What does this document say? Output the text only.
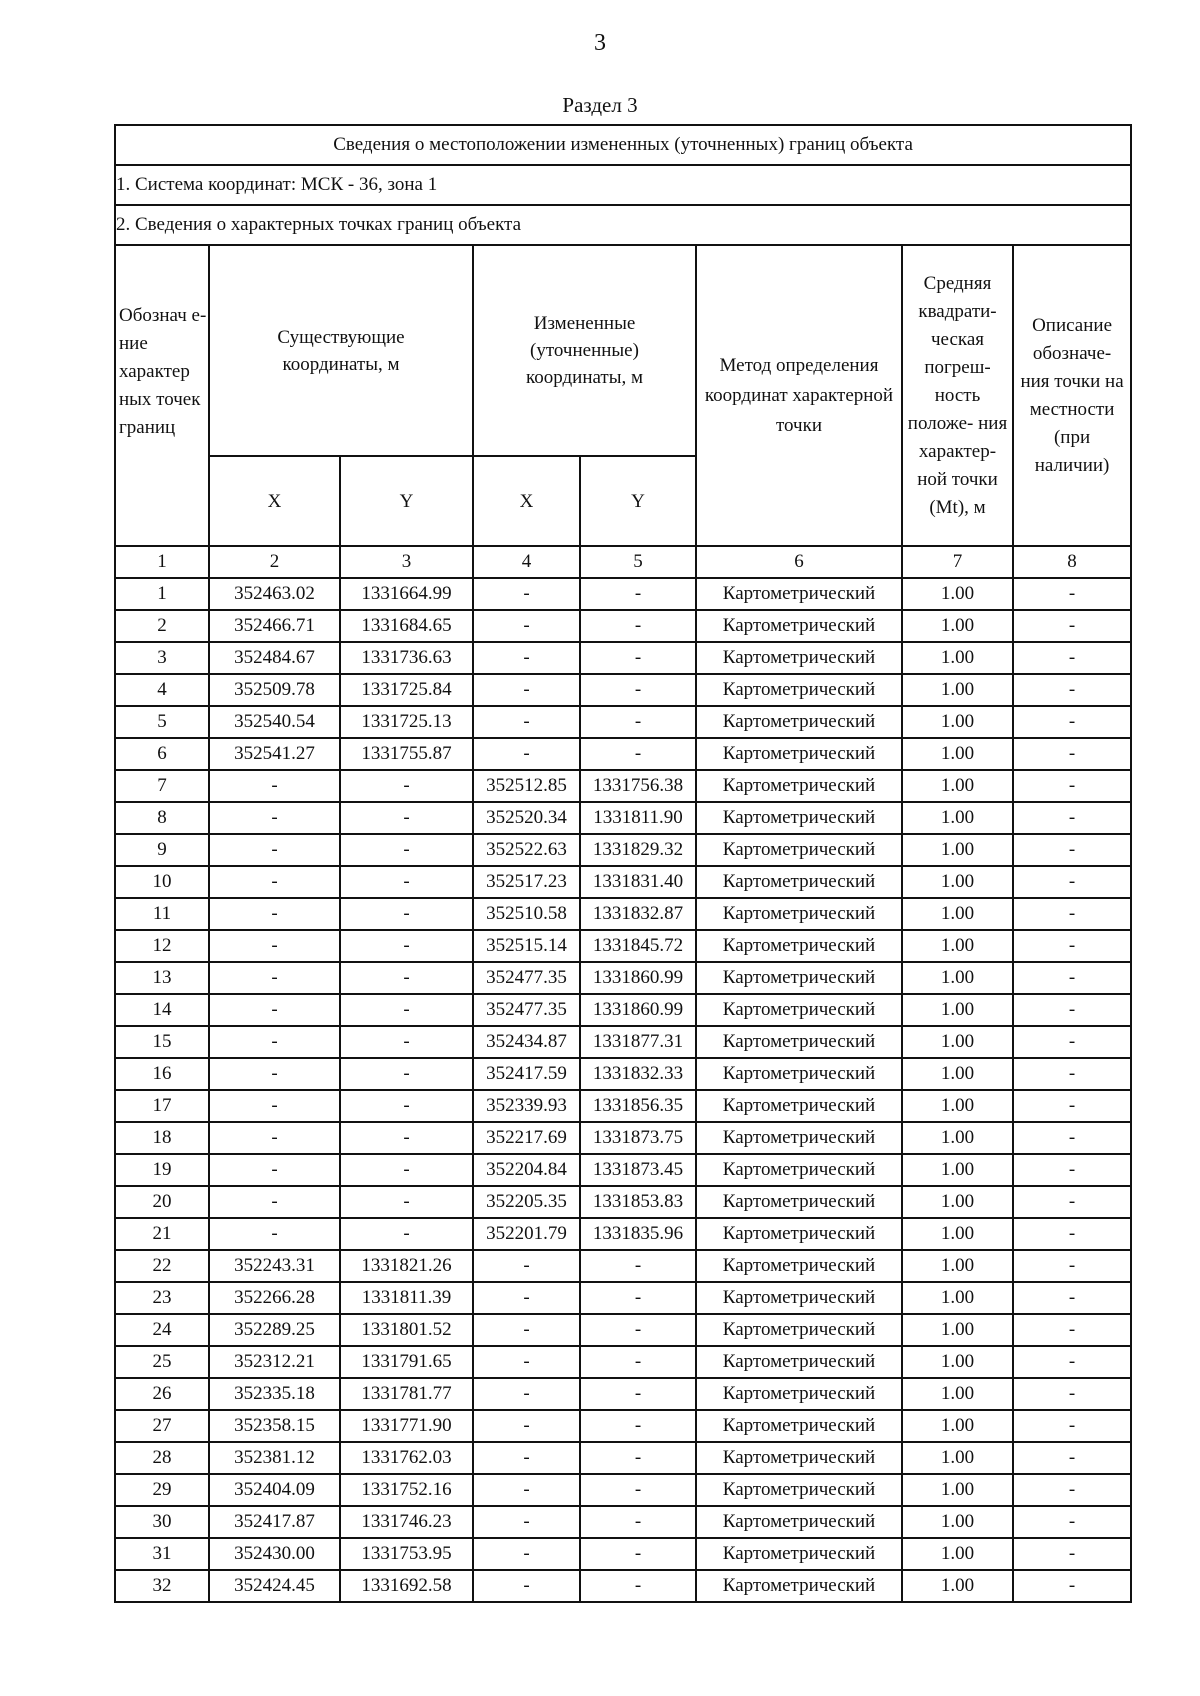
3
Раздел 3
Сведения о местоположении измененных (уточненных) границ объекта							
1. Система координат: МСК - 36, зона 1							
2. Сведения о характерных точках границ объекта							
Обознач е-ние характер ных точек границ	Существующие координаты, м		Измененные (уточненные) координаты, м		Метод определения координат характерной точки	Средняя квадрати- ческая погреш- ность положе- ния характер- ной точки (Mt), м	Описание обозначе- ния точки на местности (при наличии)
	X	Y	X	Y			
1	2	3	4	5	6	7	8
1	352463.02	1331664.99	-	-	Картометрический	1.00	-
2	352466.71	1331684.65	-	-	Картометрический	1.00	-
3	352484.67	1331736.63	-	-	Картометрический	1.00	-
4	352509.78	1331725.84	-	-	Картометрический	1.00	-
5	352540.54	1331725.13	-	-	Картометрический	1.00	-
6	352541.27	1331755.87	-	-	Картометрический	1.00	-
7	-	-	352512.85	1331756.38	Картометрический	1.00	-
8	-	-	352520.34	1331811.90	Картометрический	1.00	-
9	-	-	352522.63	1331829.32	Картометрический	1.00	-
10	-	-	352517.23	1331831.40	Картометрический	1.00	-
11	-	-	352510.58	1331832.87	Картометрический	1.00	-
12	-	-	352515.14	1331845.72	Картометрический	1.00	-
13	-	-	352477.35	1331860.99	Картометрический	1.00	-
14	-	-	352477.35	1331860.99	Картометрический	1.00	-
15	-	-	352434.87	1331877.31	Картометрический	1.00	-
16	-	-	352417.59	1331832.33	Картометрический	1.00	-
17	-	-	352339.93	1331856.35	Картометрический	1.00	-
18	-	-	352217.69	1331873.75	Картометрический	1.00	-
19	-	-	352204.84	1331873.45	Картометрический	1.00	-
20	-	-	352205.35	1331853.83	Картометрический	1.00	-
21	-	-	352201.79	1331835.96	Картометрический	1.00	-
22	352243.31	1331821.26	-	-	Картометрический	1.00	-
23	352266.28	1331811.39	-	-	Картометрический	1.00	-
24	352289.25	1331801.52	-	-	Картометрический	1.00	-
25	352312.21	1331791.65	-	-	Картометрический	1.00	-
26	352335.18	1331781.77	-	-	Картометрический	1.00	-
27	352358.15	1331771.90	-	-	Картометрический	1.00	-
28	352381.12	1331762.03	-	-	Картометрический	1.00	-
29	352404.09	1331752.16	-	-	Картометрический	1.00	-
30	352417.87	1331746.23	-	-	Картометрический	1.00	-
31	352430.00	1331753.95	-	-	Картометрический	1.00	-
32	352424.45	1331692.58	-	-	Картометрический	1.00	-
